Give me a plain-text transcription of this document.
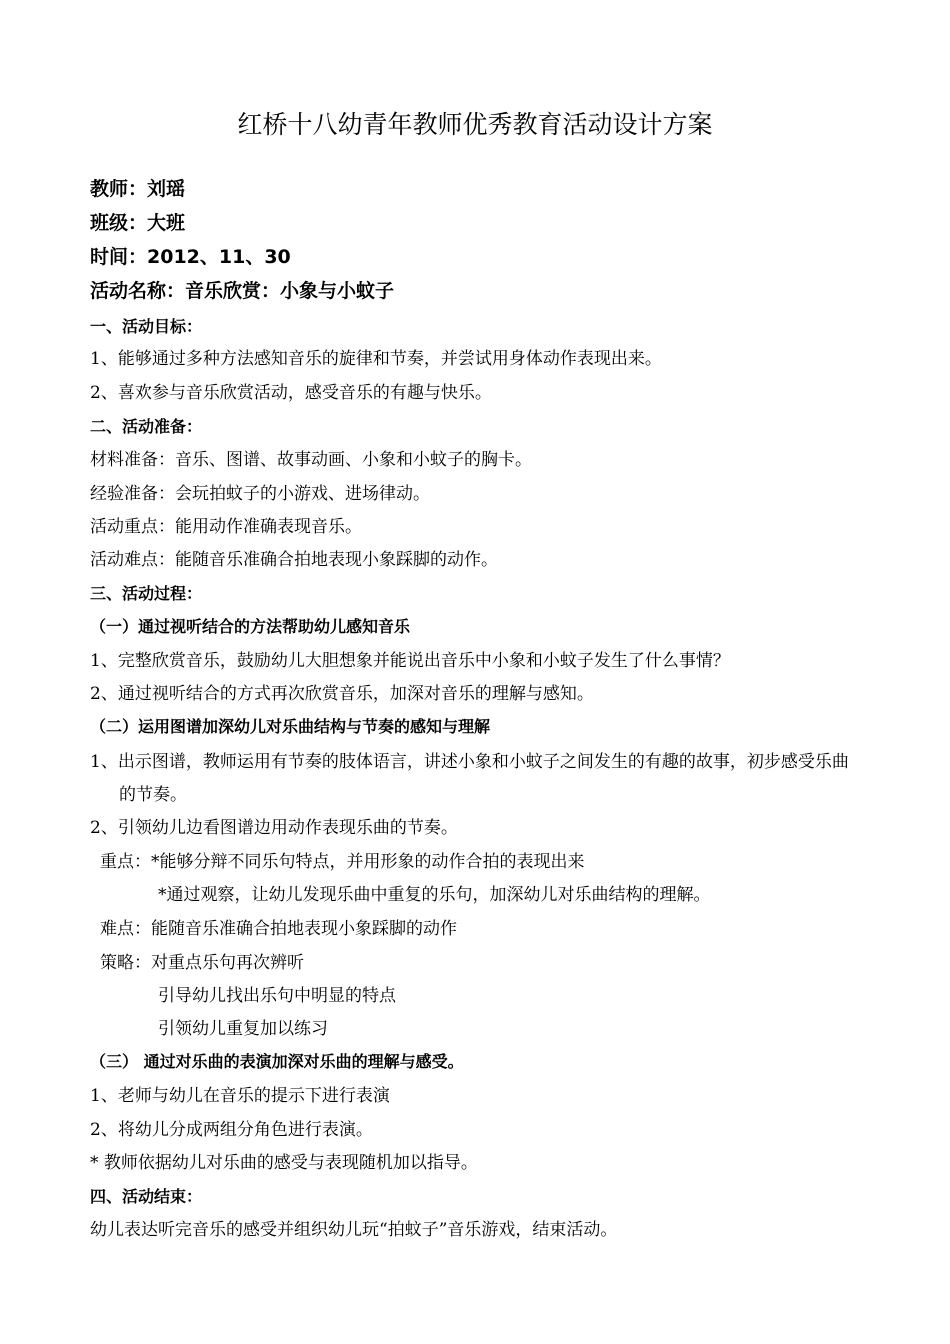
红桥十八幼青年教师优秀教育活动设计方案
教师：刘瑶
班级：大班
时间：2012、11、30
活动名称：音乐欣赏：小象与小蚊子
一、活动目标：
1、能够通过多种方法感知音乐的旋律和节奏，并尝试用身体动作表现出来。
2、喜欢参与音乐欣赏活动，感受音乐的有趣与快乐。
二、活动准备：
材料准备：音乐、图谱、故事动画、小象和小蚊子的胸卡。
经验准备：会玩拍蚊子的小游戏、进场律动。
活动重点：能用动作准确表现音乐。
活动难点：能随音乐准确合拍地表现小象踩脚的动作。
三、活动过程：
（一）通过视听结合的方法帮助幼儿感知音乐
1、完整欣赏音乐，鼓励幼儿大胆想象并能说出音乐中小象和小蚊子发生了什么事情？
2、通过视听结合的方式再次欣赏音乐，加深对音乐的理解与感知。
（二）运用图谱加深幼儿对乐曲结构与节奏的感知与理解
1、出示图谱，教师运用有节奏的肢体语言，讲述小象和小蚊子之间发生的有趣的故事，初步感受乐曲的节奏。
2、引领幼儿边看图谱边用动作表现乐曲的节奏。
重点：*能够分辩不同乐句特点，并用形象的动作合拍的表现出来
*通过观察，让幼儿发现乐曲中重复的乐句，加深幼儿对乐曲结构的理解。
难点：能随音乐准确合拍地表现小象踩脚的动作
策略：对重点乐句再次辨听
引导幼儿找出乐句中明显的特点
引领幼儿重复加以练习
（三） 通过对乐曲的表演加深对乐曲的理解与感受。
1、老师与幼儿在音乐的提示下进行表演
2、将幼儿分成两组分角色进行表演。
* 教师依据幼儿对乐曲的感受与表现随机加以指导。
四、活动结束：
幼儿表达听完音乐的感受并组织幼儿玩“拍蚊子”音乐游戏，结束活动。
